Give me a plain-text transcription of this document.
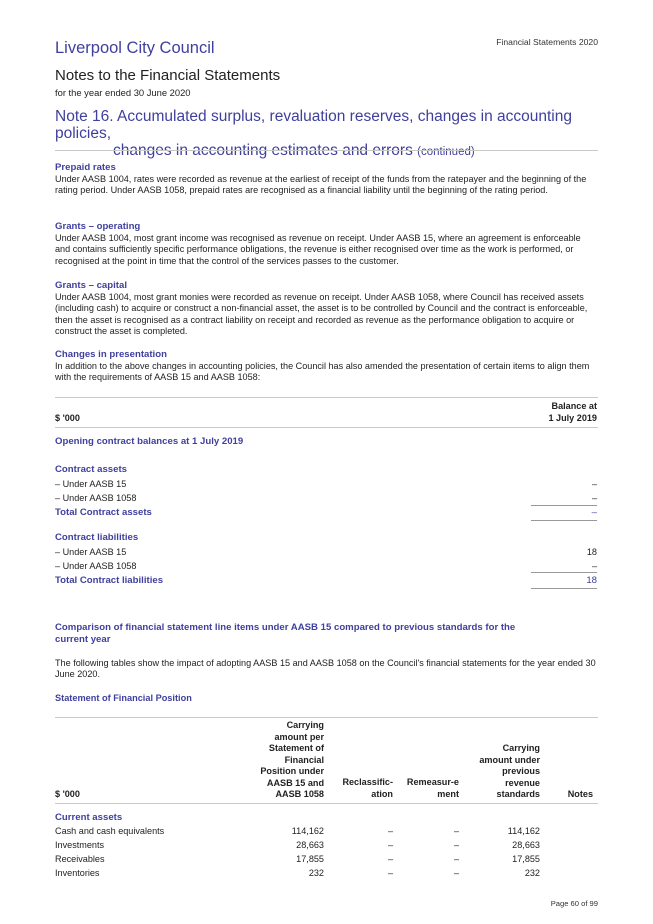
Liverpool City Council	Financial Statements 2020
Notes to the Financial Statements
for the year ended 30 June 2020
Note 16. Accumulated surplus, revaluation reserves, changes in accounting policies,
changes in accounting estimates and errors (continued)
Prepaid rates
Under AASB 1004, rates were recorded as revenue at the earliest of receipt of the funds from the ratepayer and the beginning of the rating period. Under AASB 1058, prepaid rates are recognised as a financial liability until the beginning of the rating period.
Grants – operating
Under AASB 1004, most grant income was recognised as revenue on receipt. Under AASB 15, where an agreement is enforceable and contains sufficiently specific performance obligations, the revenue is either recognised over time as the work is performed, or recognised at the point in time that the control of the services passes to the customer.
Grants – capital
Under AASB 1004, most grant monies were recorded as revenue on receipt. Under AASB 1058, where Council has received assets (including cash) to acquire or construct a non-financial asset, the asset is to be controlled by Council and the contract is enforceable, then the asset is recognised as a contract liability on receipt and recorded as revenue as the performance obligation to acquire or construct the asset is completed.
Changes in presentation
In addition to the above changes in accounting policies, the Council has also amended the presentation of certain items to align them with the requirements of AASB 15 and AASB 1058:
Balance at
1 July 2019
$ '000
Opening contract balances at 1 July 2019
Contract assets
– Under AASB 15	–
– Under AASB 1058	–
Total Contract assets	–
Contract liabilities
– Under AASB 15	18
– Under AASB 1058	–
Total Contract liabilities	18
Comparison of financial statement line items under AASB 15 compared to previous standards for the
current year
The following tables show the impact of adopting AASB 15 and AASB 1058 on the Council's financial statements for the year ended 30 June 2020.
Statement of Financial Position
Carrying
amount per
Statement of
Financial
Position under
AASB 15 and
AASB 1058
Reclassific-
ation
Remeasur-e
ment
Carrying
amount under
previous
revenue
standards	Notes
$ '000
Current assets
Cash and cash equivalents	114,162	–	–	114,162
Investments	28,663	–	–	28,663
Receivables	17,855	–	–	17,855
Inventories	232	–	–	232
Page 60 of 99
